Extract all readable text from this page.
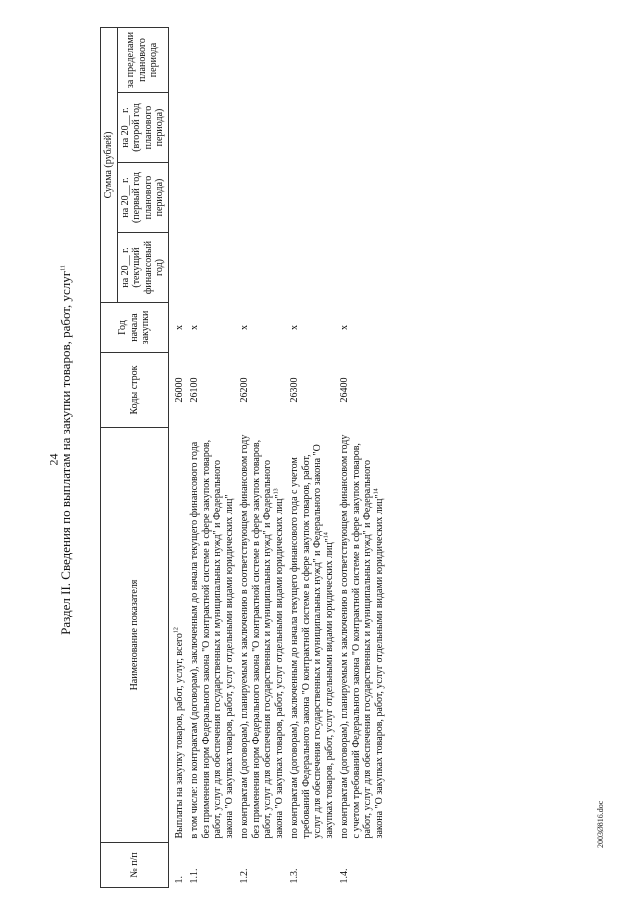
24
Раздел II. Сведения по выплатам на закупки товаров, работ, услуг$^{11}$
2003Ø816.doc
№ п/п	Наименование показателя	Коды строк	Год начала закупки	Сумма (рублей)			
				на 20__ г. (текущий финансовый год)	на 20__ г. (первый год планового периода)	на 20__ г. (второй год планового периода)	за пределами планового периода
1.	Выплаты на закупку товаров, работ, услуг, всего$^{12}$	26000	x				
1.1.	в том числе: по контрактам (договорам), заключенным до начала текущего финансового года без применения норм Федерального закона "О контрактной системе в сфере закупок товаров, работ, услуг для обеспечения государственных и муниципальных нужд" и Федерального закона "О закупках товаров, работ, услуг отдельными видами юридических лиц"	26100	x				
1.2.	по контрактам (договорам), планируемым к заключению в соответствующем финансовом году без применения норм Федерального закона "О контрактной системе в сфере закупок товаров, работ, услуг для обеспечения государственных и муниципальных нужд" и Федерального закона "О закупках товаров, работ, услуг отдельными видами юридических лиц"$^{13}$	26200	x				
1.3.	по контрактам (договорам), заключенным до начала текущего финансового года с учетом требований Федерального закона "О контрактной системе в сфере закупок товаров, работ, услуг для обеспечения государственных и муниципальных нужд" и Федерального закона "О закупках товаров, работ, услуг отдельными видами юридических лиц"$^{14}$	26300	x				
1.4.	по контрактам (договорам), планируемым к заключению в соответствующем финансовом году с учетом требований Федерального закона "О контрактной системе в сфере закупок товаров, работ, услуг для обеспечения государственных и муниципальных нужд" и Федерального закона "О закупках товаров, работ, услуг отдельными видами юридических лиц"$^{14}$	26400	x				
